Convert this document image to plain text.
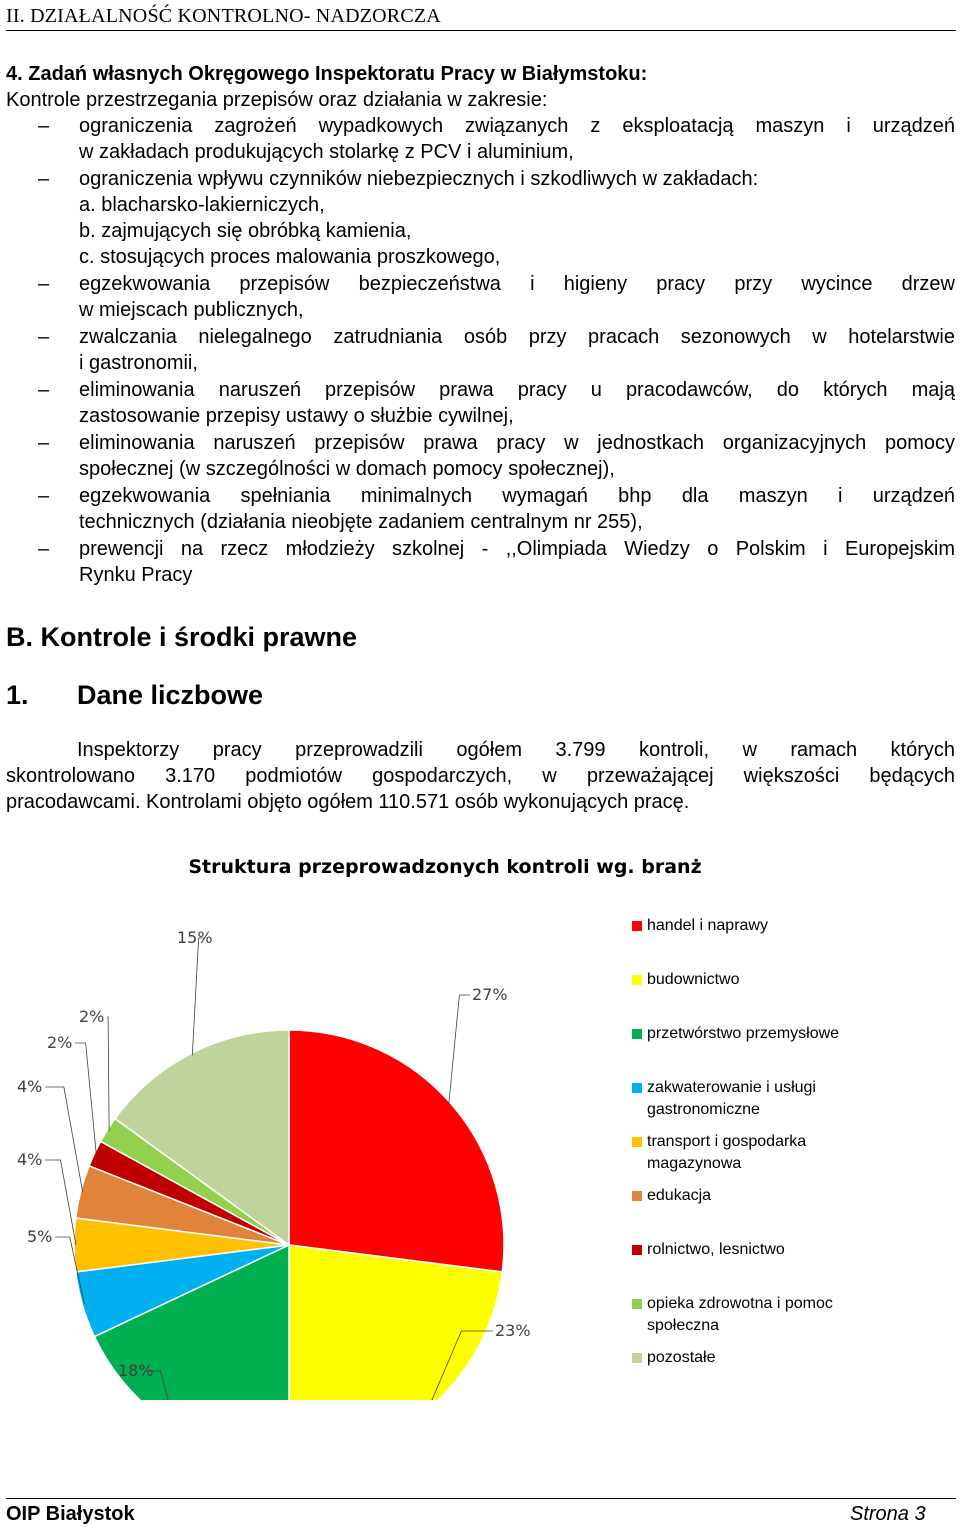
II. DZIAŁALNOŚĆ KONTROLNO- NADZORCZA
4. Zadań własnych Okręgowego Inspektoratu Pracy w Białymstoku:
Kontrole przestrzegania przepisów oraz działania w zakresie:
– ograniczenia zagrożeń wypadkowych związanych z eksploatacją maszyn i urządzeń
w zakładach produkujących stolarkę z PCV i aluminium,
– ograniczenia wpływu czynników niebezpiecznych i szkodliwych w zakładach:
a. blacharsko-lakierniczych,
b. zajmujących się obróbką kamienia,
c. stosujących proces malowania proszkowego,
– egzekwowania przepisów bezpieczeństwa i higieny pracy przy wycince drzew
w miejscach publicznych,
– zwalczania nielegalnego zatrudniania osób przy pracach sezonowych w hotelarstwie
i gastronomii,
– eliminowania naruszeń przepisów prawa pracy u pracodawców, do których mają
zastosowanie przepisy ustawy o służbie cywilnej,
– eliminowania naruszeń przepisów prawa pracy w jednostkach organizacyjnych pomocy
społecznej (w szczególności w domach pomocy społecznej),
– egzekwowania spełniania minimalnych wymagań bhp dla maszyn i urządzeń
technicznych (działania nieobjęte zadaniem centralnym nr 255),
– prewencji na rzecz młodzieży szkolnej - ,,Olimpiada Wiedzy o Polskim i Europejskim
Rynku Pracy
B. Kontrole i środki prawne
1. Dane liczbowe
Inspektorzy pracy przeprowadzili ogółem 3.799 kontroli, w ramach których
skontrolowano 3.170 podmiotów gospodarczych, w przeważającej większości będących
pracodawcami. Kontrolami objęto ogółem 110.571 osób wykonujących pracę.
Struktura przeprowadzonych kontroli wg. branż
27%
23%
18%
5%
4%
4%
2%
2%
15%
handel i naprawy
budownictwo
przetwórstwo przemysłowe
zakwaterowanie i usługi gastronomiczne
transport i gospodarka magazynowa
edukacja
rolnictwo, lesnictwo
opieka zdrowotna i pomoc społeczna
pozostałe
OIP Białystok	Strona 3
